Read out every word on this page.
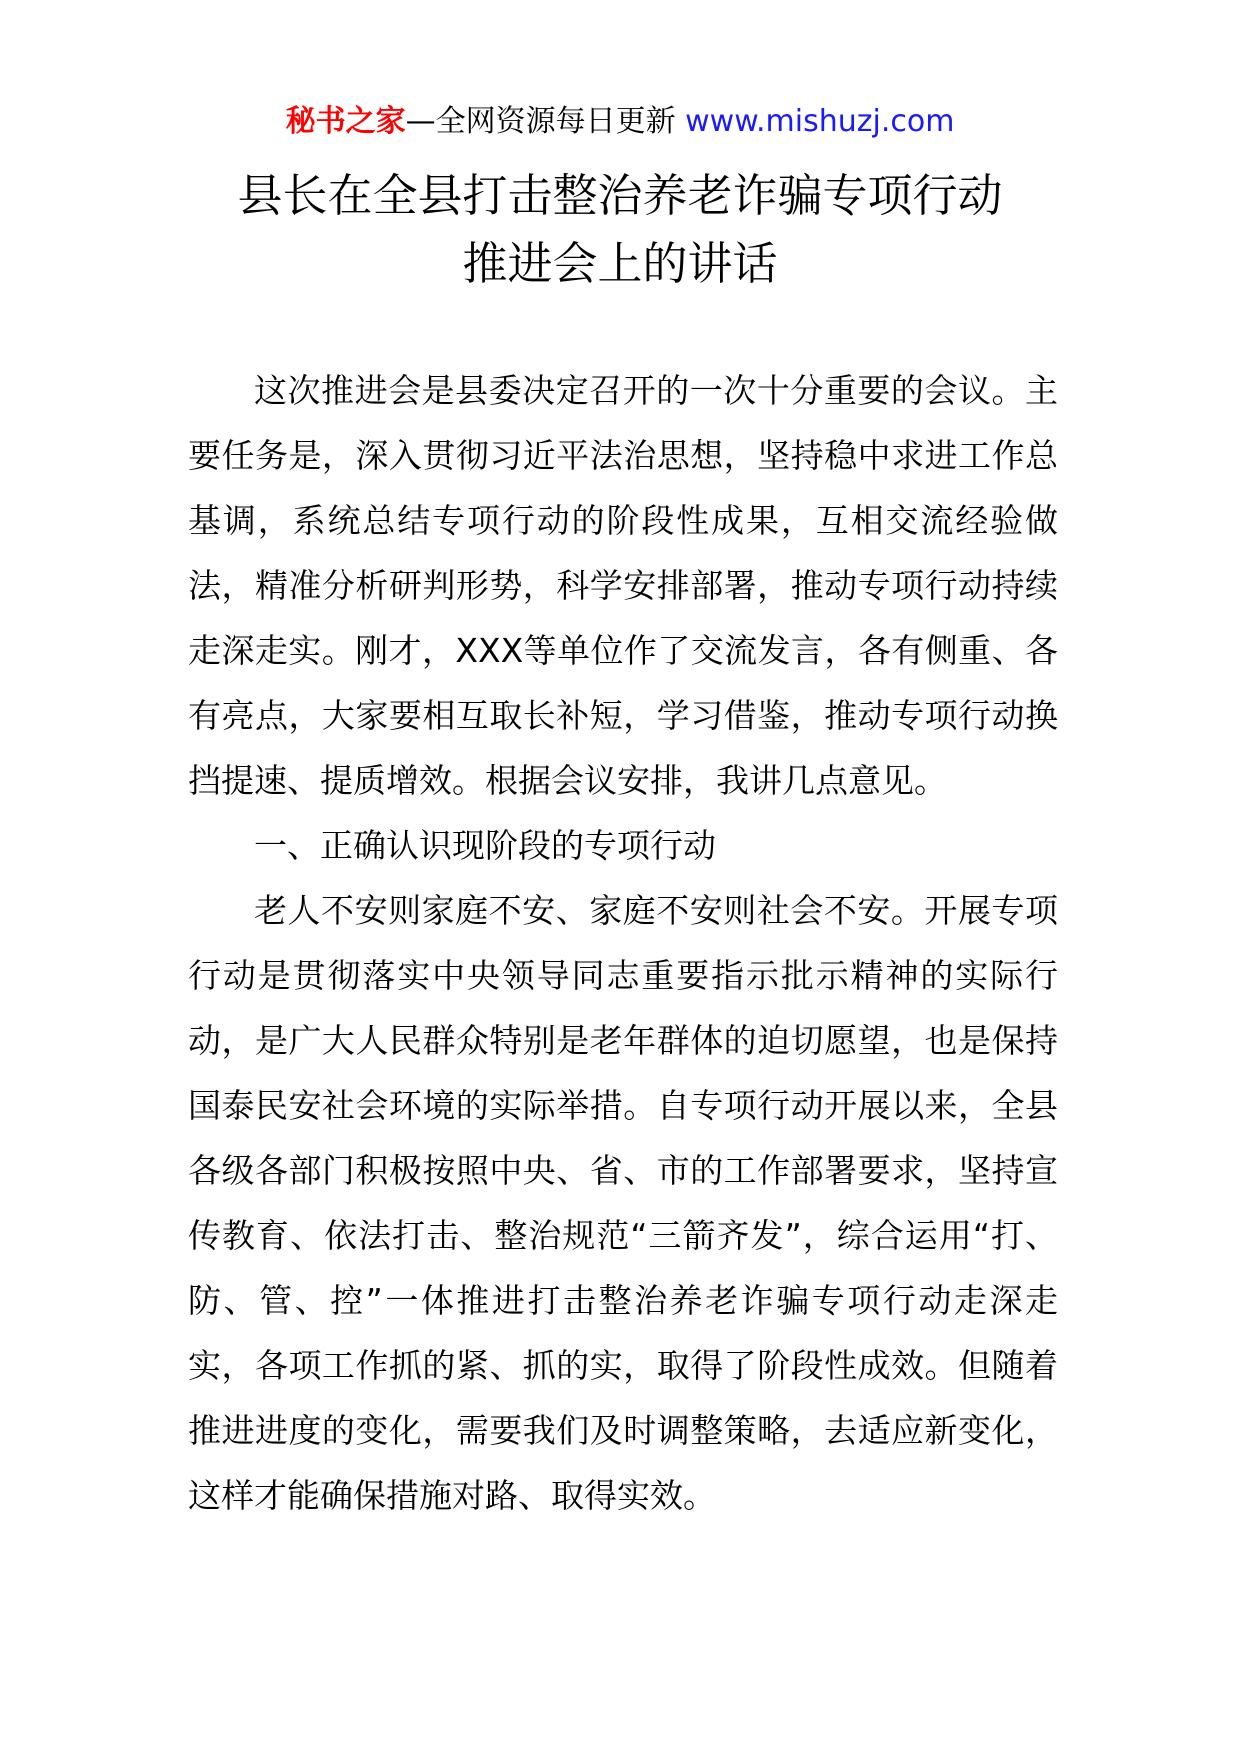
秘书之家—全网资源每日更新 www.mishuzj.com
县长在全县打击整治养老诈骗专项行动
推进会上的讲话

这次推进会是县委决定召开的一次十分重要的会议。主要任务是，深入贯彻习近平法治思想，坚持稳中求进工作总基调，系统总结专项行动的阶段性成果，互相交流经验做法，精准分析研判形势，科学安排部署，推动专项行动持续走深走实。刚才，XXX等单位作了交流发言，各有侧重、各有亮点，大家要相互取长补短，学习借鉴，推动专项行动换挡提速、提质增效。根据会议安排，我讲几点意见。

一、正确认识现阶段的专项行动

老人不安则家庭不安、家庭不安则社会不安。开展专项行动是贯彻落实中央领导同志重要指示批示精神的实际行动，是广大人民群众特别是老年群体的迫切愿望，也是保持国泰民安社会环境的实际举措。自专项行动开展以来，全县各级各部门积极按照中央、省、市的工作部署要求，坚持宣传教育、依法打击、整治规范“三箭齐发”，综合运用“打、防、管、控”一体推进打击整治养老诈骗专项行动走深走实，各项工作抓的紧、抓的实，取得了阶段性成效。但随着推进进度的变化，需要我们及时调整策略，去适应新变化，这样才能确保措施对路、取得实效。
